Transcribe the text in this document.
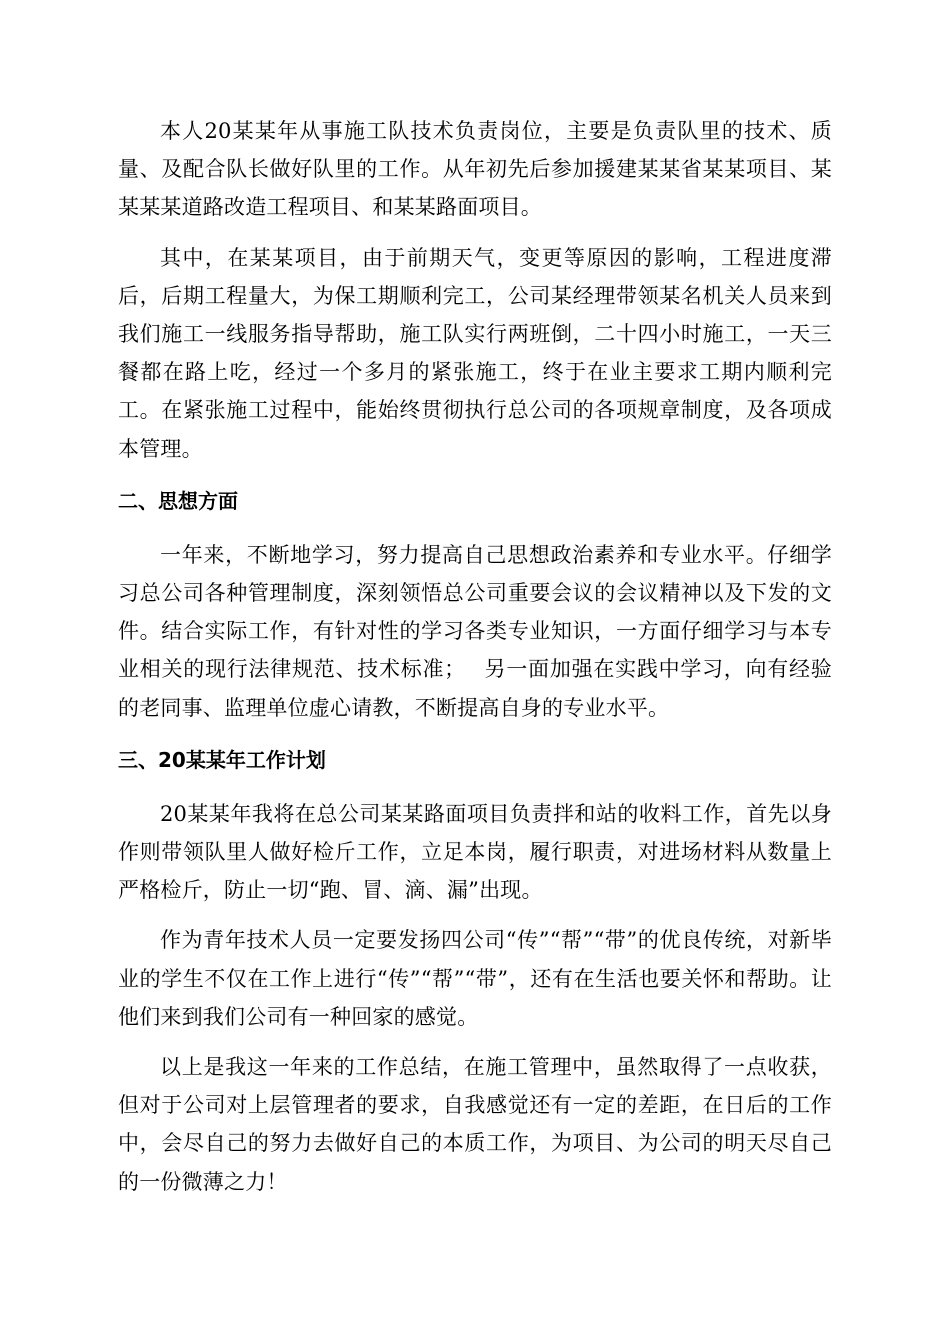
本人20某某年从事施工队技术负责岗位，主要是负责队里的技术、质量、及配合队长做好队里的工作。从年初先后参加援建某某省某某项目、某某某某道路改造工程项目、和某某路面项目。

其中，在某某项目，由于前期天气，变更等原因的影响，工程进度滞后，后期工程量大，为保工期顺利完工，公司某经理带领某名机关人员来到我们施工一线服务指导帮助，施工队实行两班倒，二十四小时施工，一天三餐都在路上吃，经过一个多月的紧张施工，终于在业主要求工期内顺利完工。在紧张施工过程中，能始终贯彻执行总公司的各项规章制度，及各项成本管理。

二、思想方面

一年来，不断地学习，努力提高自己思想政治素养和专业水平。仔细学习总公司各种管理制度，深刻领悟总公司重要会议的会议精神以及下发的文件。结合实际工作，有针对性的学习各类专业知识，一方面仔细学习与本专业相关的现行法律规范、技术标准；　 另一面加强在实践中学习，向有经验的老同事、监理单位虚心请教，不断提高自身的专业水平。

三、20某某年工作计划

20某某年我将在总公司某某路面项目负责拌和站的收料工作，首先以身作则带领队里人做好检斤工作，立足本岗，履行职责，对进场材料从数量上严格检斤，防止一切“跑、冒、滴、漏”出现。

作为青年技术人员一定要发扬四公司“传”“帮”“带”的优良传统，对新毕业的学生不仅在工作上进行“传”“帮”“带”，还有在生活也要关怀和帮助。让他们来到我们公司有一种回家的感觉。

以上是我这一年来的工作总结，在施工管理中，虽然取得了一点收获，但对于公司对上层管理者的要求，自我感觉还有一定的差距，在日后的工作中，会尽自己的努力去做好自己的本质工作，为项目、为公司的明天尽自己的一份微薄之力！
